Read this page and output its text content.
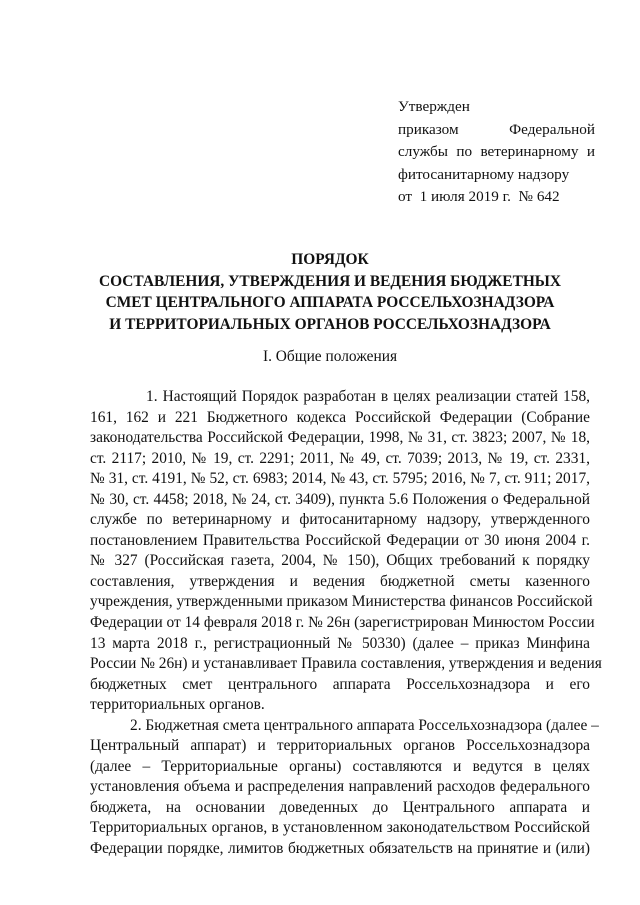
Утвержден
приказом Федеральной
службы по ветеринарному и
фитосанитарному надзору
от  1 июля 2019 г.  № 642
ПОРЯДОК
СОСТАВЛЕНИЯ, УТВЕРЖДЕНИЯ И ВЕДЕНИЯ БЮДЖЕТНЫХ
СМЕТ ЦЕНТРАЛЬНОГО АППАРАТА РОССЕЛЬХОЗНАДЗОРА
И ТЕРРИТОРИАЛЬНЫХ ОРГАНОВ РОССЕЛЬХОЗНАДЗОРА
I. Общие положения
1. Настоящий Порядок разработан в целях реализации статей 158,
161, 162 и 221 Бюджетного кодекса Российской Федерации (Собрание
законодательства Российской Федерации, 1998, № 31, ст. 3823; 2007, № 18,
ст. 2117; 2010, № 19, ст. 2291; 2011, № 49, ст. 7039; 2013, № 19, ст. 2331,
№ 31, ст. 4191, № 52, ст. 6983; 2014, № 43, ст. 5795; 2016, № 7, ст. 911; 2017,
№ 30, ст. 4458; 2018, № 24, ст. 3409), пункта 5.6 Положения о Федеральной
службе по ветеринарному и фитосанитарному надзору, утвержденного
постановлением Правительства Российской Федерации от 30 июня 2004 г.
№ 327 (Российская газета, 2004, № 150), Общих требований к порядку
составления, утверждения и ведения бюджетной сметы казенного
учреждения, утвержденными приказом Министерства финансов Российской
Федерации от 14 февраля 2018 г. № 26н (зарегистрирован Минюстом России
13 марта 2018 г., регистрационный № 50330) (далее – приказ Минфина
России № 26н) и устанавливает Правила составления, утверждения и ведения
бюджетных смет центрального аппарата Россельхознадзора и его
территориальных органов.
2. Бюджетная смета центрального аппарата Россельхознадзора (далее –
Центральный аппарат) и территориальных органов Россельхознадзора
(далее – Территориальные органы) составляются и ведутся в целях
установления объема и распределения направлений расходов федерального
бюджета, на основании доведенных до Центрального аппарата и
Территориальных органов, в установленном законодательством Российской
Федерации порядке, лимитов бюджетных обязательств на принятие и (или)
